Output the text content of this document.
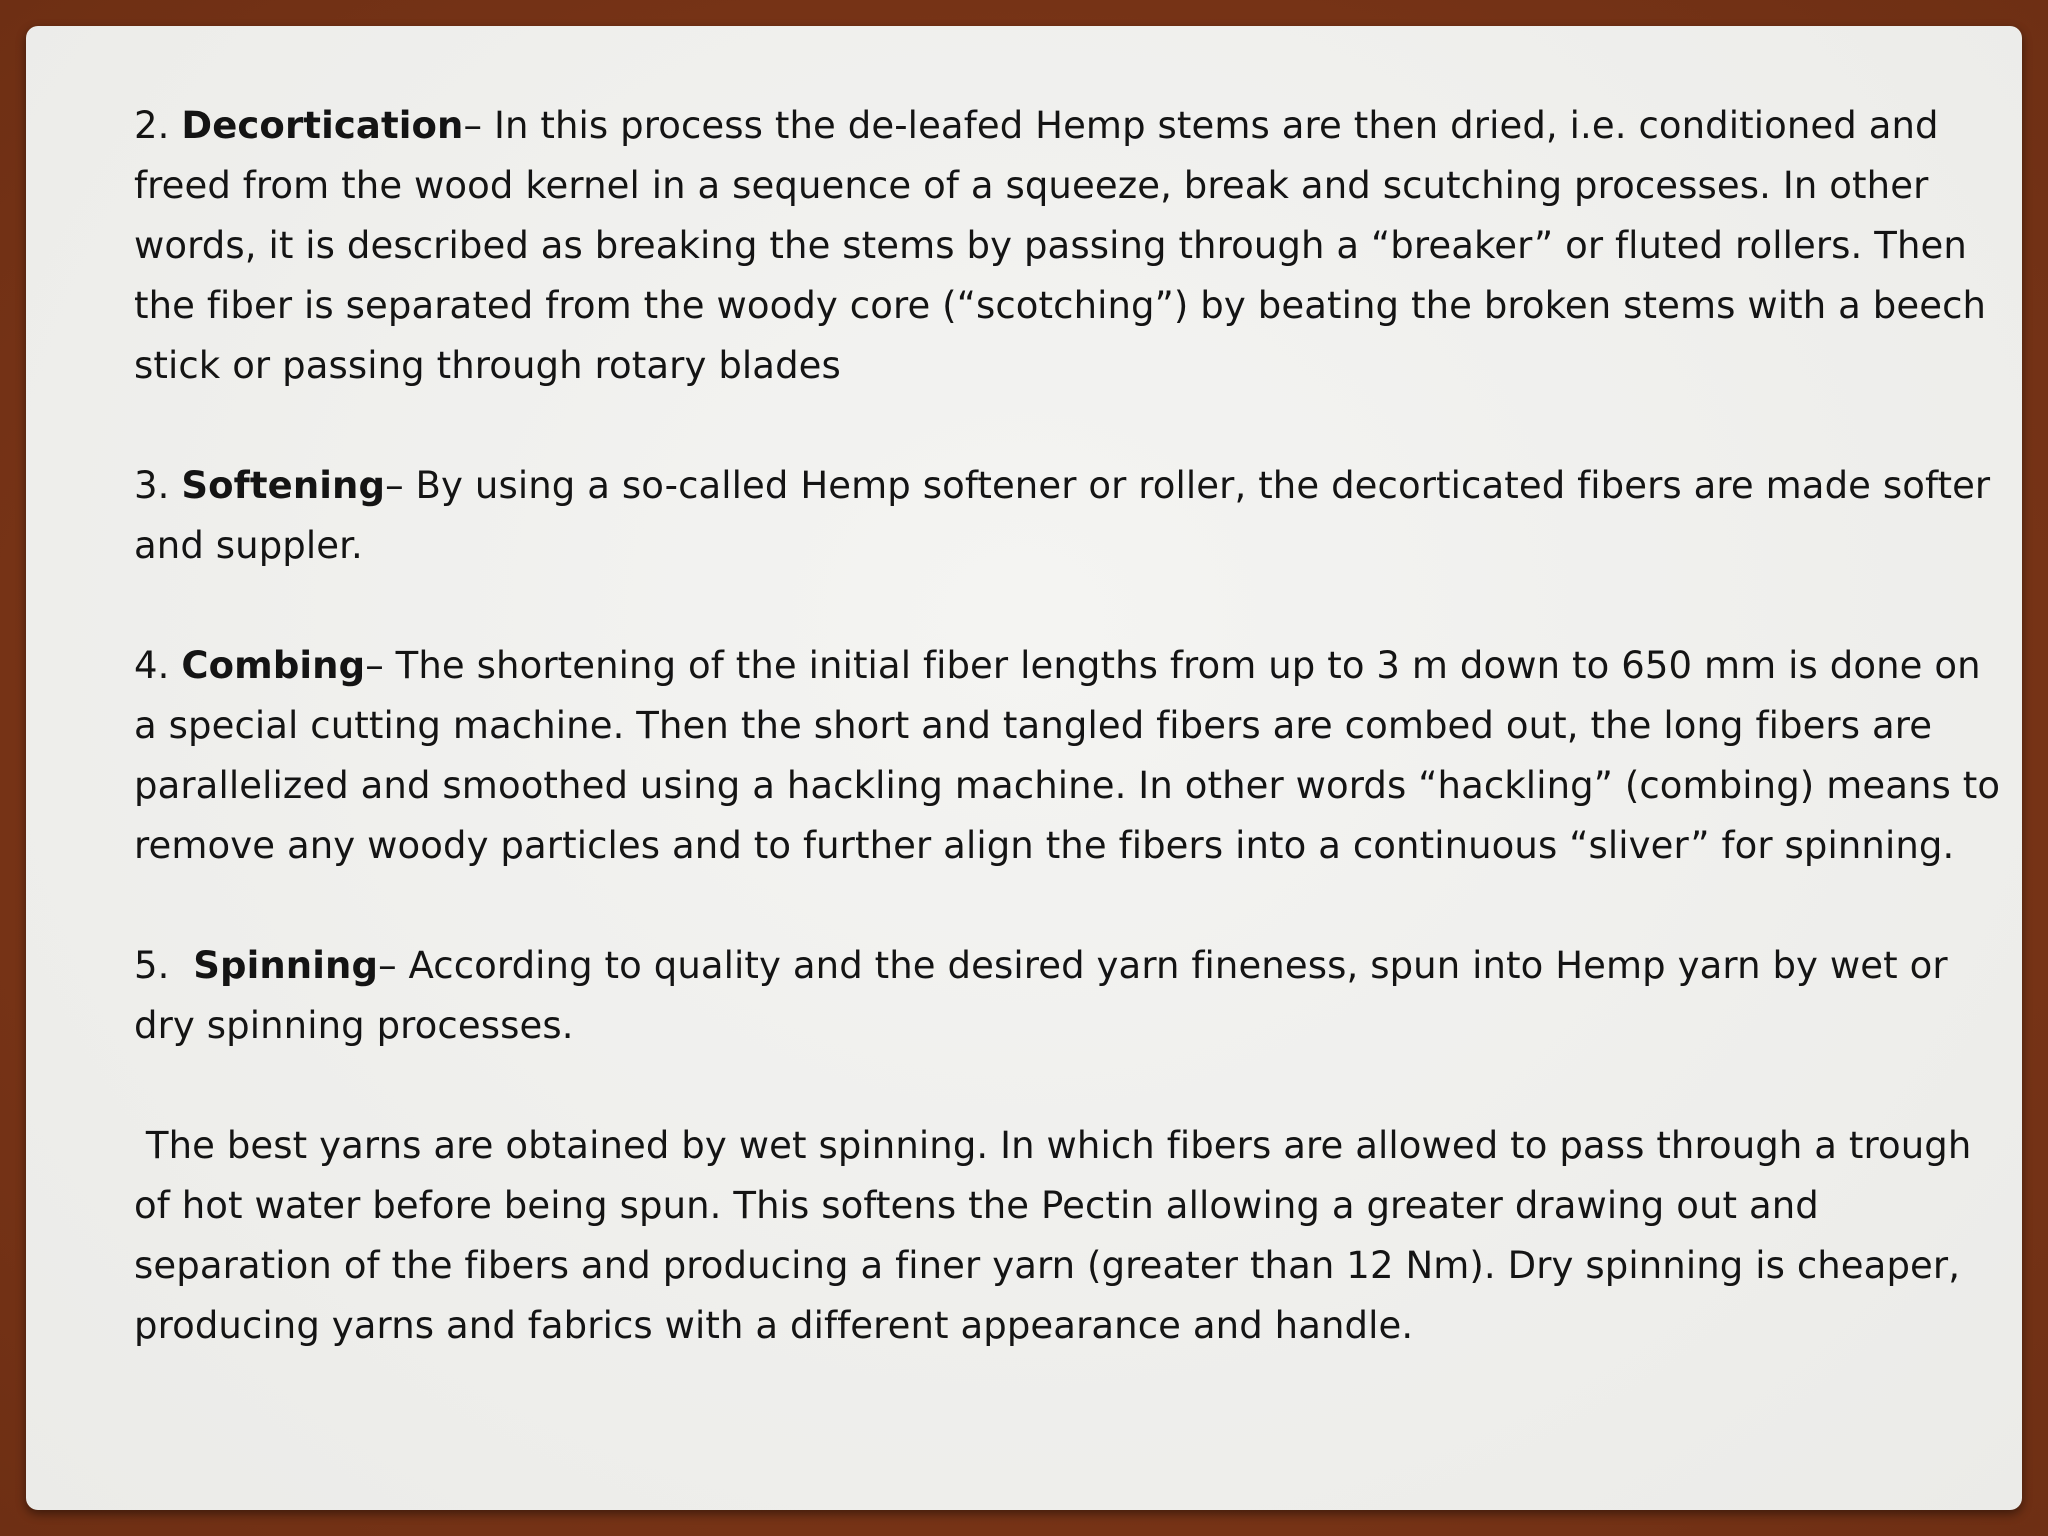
2. Decortication– In this process the de-leafed Hemp stems are then dried, i.e. conditioned and freed from the wood kernel in a sequence of a squeeze, break and scutching processes. In other words, it is described as breaking the stems by passing through a “breaker” or fluted rollers. Then the fiber is separated from the woody core (“scotching”) by beating the broken stems with a beech stick or passing through rotary blades

3. Softening– By using a so-called Hemp softener or roller, the decorticated fibers are made softer and suppler.

4. Combing– The shortening of the initial fiber lengths from up to 3 m down to 650 mm is done on a special cutting machine. Then the short and tangled fibers are combed out, the long fibers are parallelized and smoothed using a hackling machine. In other words “hackling” (combing) means to remove any woody particles and to further align the fibers into a continuous “sliver” for spinning.

5. Spinning– According to quality and the desired yarn fineness, spun into Hemp yarn by wet or dry spinning processes.

The best yarns are obtained by wet spinning. In which fibers are allowed to pass through a trough of hot water before being spun. This softens the Pectin allowing a greater drawing out and separation of the fibers and producing a finer yarn (greater than 12 Nm). Dry spinning is cheaper, producing yarns and fabrics with a different appearance and handle.
